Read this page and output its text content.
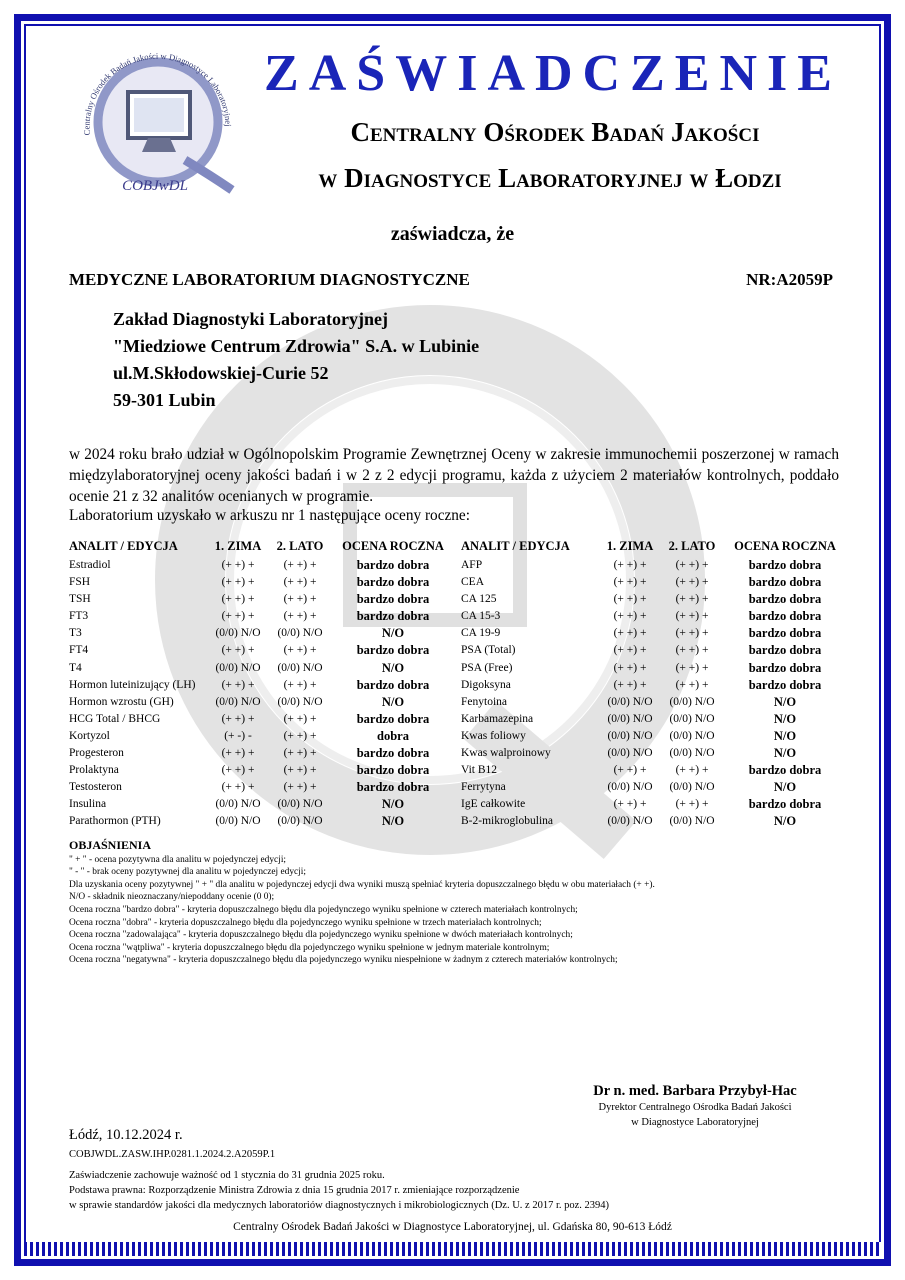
Centralny Ośrodek Badań Jakości w Diagnostyce Laboratoryjnej
COBJwDL
ZAŚWIADCZENIE
Centralny Ośrodek Badań Jakości
w Diagnostyce Laboratoryjnej w Łodzi
zaświadcza, że
MEDYCZNE LABORATORIUM DIAGNOSTYCZNE	NR:A2059P
Zakład Diagnostyki Laboratoryjnej
"Miedziowe Centrum Zdrowia" S.A. w Lubinie
ul.M.Skłodowskiej-Curie 52
59-301 Lubin
w 2024 roku brało udział w Ogólnopolskim Programie Zewnętrznej Oceny w zakresie immunochemii poszerzonej w ramach międzylaboratoryjnej oceny jakości badań i w 2 z 2 edycji programu, każda z użyciem 2 materiałów kontrolnych, poddało ocenie 21 z 32 analitów ocenianych w programie.
Laboratorium uzyskało w arkuszu nr 1 następujące oceny roczne:
ANALIT / EDYCJA	1. ZIMA	2. LATO	OCENA ROCZNA
Estradiol	(+ +) +	(+ +) +	bardzo dobra
FSH	(+ +) +	(+ +) +	bardzo dobra
TSH	(+ +) +	(+ +) +	bardzo dobra
FT3	(+ +) +	(+ +) +	bardzo dobra
T3	(0/0) N/O	(0/0) N/O	N/O
FT4	(+ +) +	(+ +) +	bardzo dobra
T4	(0/0) N/O	(0/0) N/O	N/O
Hormon luteinizujący (LH)	(+ +) +	(+ +) +	bardzo dobra
Hormon wzrostu (GH)	(0/0) N/O	(0/0) N/O	N/O
HCG Total / BHCG	(+ +) +	(+ +) +	bardzo dobra
Kortyzol	(+ -) -	(+ +) +	dobra
Progesteron	(+ +) +	(+ +) +	bardzo dobra
Prolaktyna	(+ +) +	(+ +) +	bardzo dobra
Testosteron	(+ +) +	(+ +) +	bardzo dobra
Insulina	(0/0) N/O	(0/0) N/O	N/O
Parathormon (PTH)	(0/0) N/O	(0/0) N/O	N/O
ANALIT / EDYCJA	1. ZIMA	2. LATO	OCENA ROCZNA
AFP	(+ +) +	(+ +) +	bardzo dobra
CEA	(+ +) +	(+ +) +	bardzo dobra
CA 125	(+ +) +	(+ +) +	bardzo dobra
CA 15-3	(+ +) +	(+ +) +	bardzo dobra
CA 19-9	(+ +) +	(+ +) +	bardzo dobra
PSA (Total)	(+ +) +	(+ +) +	bardzo dobra
PSA (Free)	(+ +) +	(+ +) +	bardzo dobra
Digoksyna	(+ +) +	(+ +) +	bardzo dobra
Fenytoina	(0/0) N/O	(0/0) N/O	N/O
Karbamazepina	(0/0) N/O	(0/0) N/O	N/O
Kwas foliowy	(0/0) N/O	(0/0) N/O	N/O
Kwas walproinowy	(0/0) N/O	(0/0) N/O	N/O
Vit B12	(+ +) +	(+ +) +	bardzo dobra
Ferrytyna	(0/0) N/O	(0/0) N/O	N/O
IgE całkowite	(+ +) +	(+ +) +	bardzo dobra
B-2-mikroglobulina	(0/0) N/O	(0/0) N/O	N/O
OBJAŚNIENIA
" + " - ocena pozytywna dla analitu w pojedynczej edycji;
" - " - brak oceny pozytywnej dla analitu w pojedynczej edycji;
Dla uzyskania oceny pozytywnej " + " dla analitu w pojedynczej edycji dwa wyniki muszą spełniać kryteria dopuszczalnego błędu w obu materiałach (+ +).
N/O - składnik nieoznaczany/niepoddany ocenie (0 0);
Ocena roczna "bardzo dobra" - kryteria dopuszczalnego błędu dla pojedynczego wyniku spełnione w czterech materiałach kontrolnych;
Ocena roczna "dobra" - kryteria dopuszczalnego błędu dla pojedynczego wyniku spełnione w trzech materiałach kontrolnych;
Ocena roczna "zadowalająca" - kryteria dopuszczalnego błędu dla pojedynczego wyniku spełnione w dwóch materiałach kontrolnych;
Ocena roczna "wątpliwa" - kryteria dopuszczalnego błędu dla pojedynczego wyniku spełnione w jednym materiale kontrolnym;
Ocena roczna "negatywna" - kryteria dopuszczalnego błędu dla pojedynczego wyniku niespełnione w żadnym z czterech materiałów kontrolnych;
Dr n. med. Barbara Przybył-Hac
Dyrektor Centralnego Ośrodka Badań Jakości
w Diagnostyce Laboratoryjnej
Łódź, 10.12.2024 r.
COBJWDL.ZASW.IHP.0281.1.2024.2.A2059P.1
Zaświadczenie zachowuje ważność od 1 stycznia do 31 grudnia 2025 roku.
Podstawa prawna: Rozporządzenie Ministra Zdrowia z dnia 15 grudnia 2017 r. zmieniające rozporządzenie
w sprawie standardów jakości dla medycznych laboratoriów diagnostycznych i mikrobiologicznych (Dz. U. z 2017 r. poz. 2394)
Centralny Ośrodek Badań Jakości w Diagnostyce Laboratoryjnej, ul. Gdańska 80, 90-613 Łódź
